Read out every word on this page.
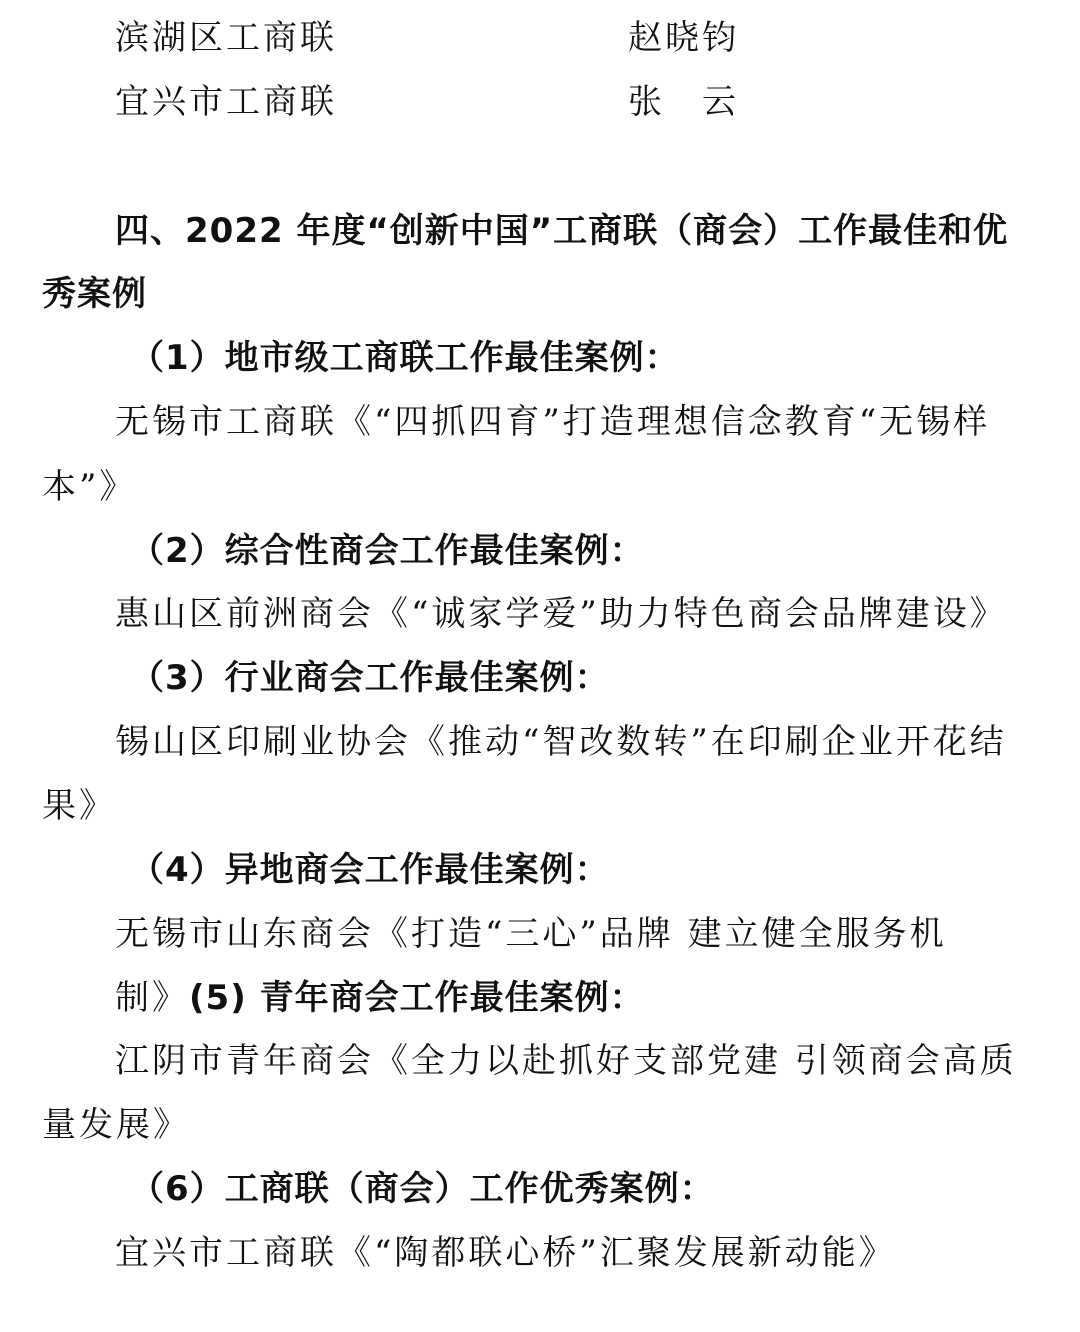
滨湖区工商联	赵晓钧
宜兴市工商联	张　云
四、2022 年度“创新中国”工商联（商会）工作最佳和优
秀案例
（1）地市级工商联工作最佳案例：
无锡市工商联《“四抓四育”打造理想信念教育“无锡样
本”》
（2）综合性商会工作最佳案例：
惠山区前洲商会《“诚家学爱”助力特色商会品牌建设》
（3）行业商会工作最佳案例：
锡山区印刷业协会《推动“智改数转”在印刷企业开花结
果》
（4）异地商会工作最佳案例：
无锡市山东商会《打造“三心”品牌 建立健全服务机
制》(5) 青年商会工作最佳案例：
江阴市青年商会《全力以赴抓好支部党建 引领商会高质
量发展》
（6）工商联（商会）工作优秀案例：
宜兴市工商联《“陶都联心桥”汇聚发展新动能》
